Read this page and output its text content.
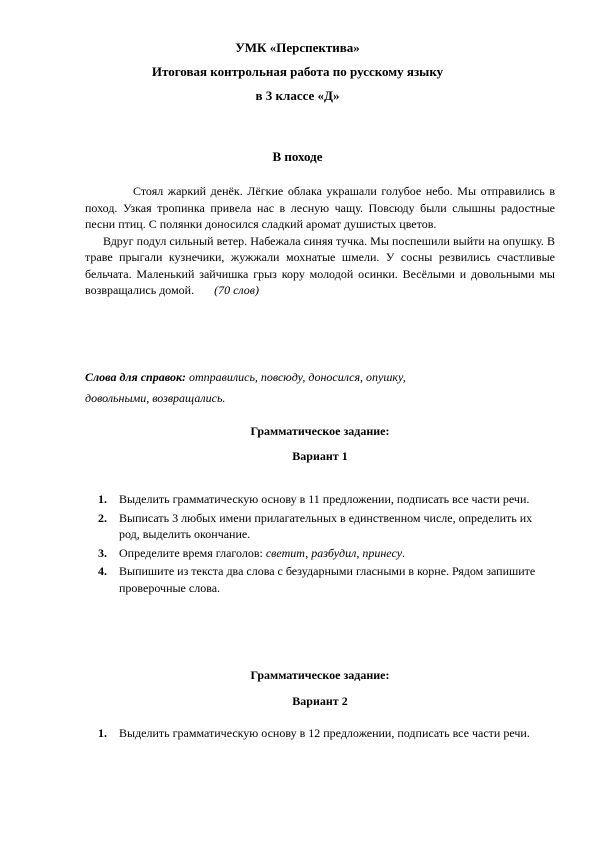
УМК «Перспектива»
Итоговая контрольная работа по русскому языку
в 3 классе «Д»
В походе

Стоял жаркий денёк. Лёгкие облака украшали голубое небо. Мы отправились в поход. Узкая тропинка привела нас в лесную чащу. Повсюду были слышны радостные песни птиц. С полянки доносился сладкий аромат душистых цветов.

Вдруг подул сильный ветер. Набежала синяя тучка. Мы поспешили выйти на опушку. В траве прыгали кузнечики, жужжали мохнатые шмели. У сосны резвились счастливые бельчата. Маленький зайчишка грыз кору молодой осинки. Весёлыми и довольными мы возвращались домой. (70 слов)

Слова для справок: отправились, повсюду, доносился, опушку,
довольными, возвращались.
Грамматическое задание:
Вариант 1
1. Выделить грамматическую основу в 11 предложении, подписать все части речи.
2. Выписать 3 любых имени прилагательных в единственном числе, определить их род, выделить окончание.
3. Определите время глаголов: светит, разбудил, принесу.
4. Выпишите из текста два слова с безударными гласными в корне. Рядом запишите проверочные слова.
Грамматическое задание:
Вариант 2
1. Выделить грамматическую основу в 12 предложении, подписать все части речи.
